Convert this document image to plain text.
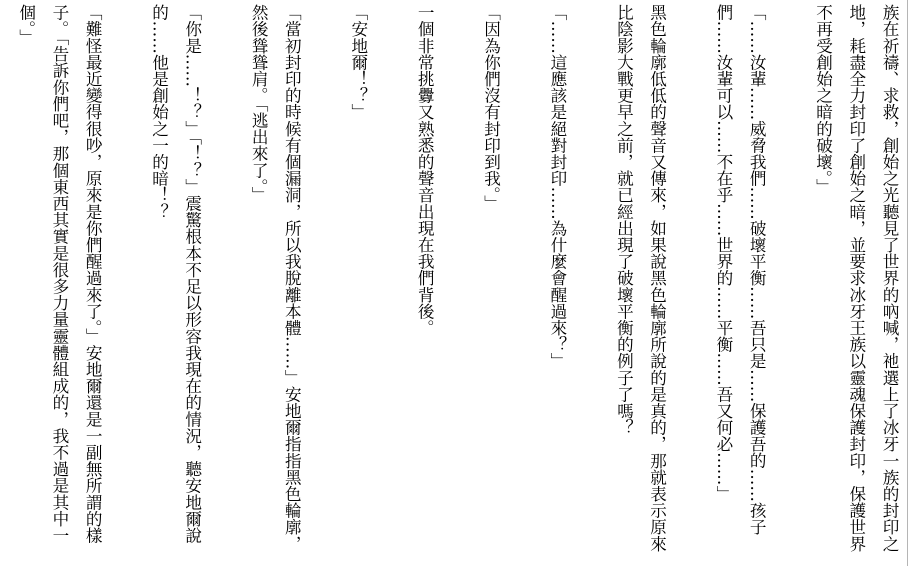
族在祈禱、求救，創始之光聽見了世界的吶喊，祂選上了冰牙一族的封印之地，耗盡全力封印了創始之暗，並要求冰牙王族以靈魂保護封印，保護世界不再受創始之暗的破壞。」

「……汝輩……威脅我們……破壞平衡……吾只是……保護吾的……孩子們……汝輩可以……不在乎……世界的……平衡……吾又何必……」

黑色輪廓低低的聲音又傳來，如果說黑色輪廓所說的是真的，那就表示原來比陰影大戰更早之前，就已經出現了破壞平衡的例子了嗎？

「……這應該是絕對封印……為什麼會醒過來？」

「因為你們沒有封印到我。」

一個非常挑釁又熟悉的聲音出現在我們背後。

「安地爾！？」

「當初封印的時候有個漏洞，所以我脫離本體……」安地爾指指黑色輪廓，然後聳聳肩。「逃出來了。」

「你是……！？」「！？」震驚根本不足以形容我現在的情況，聽安地爾說的……他是創始之一的暗！？

「難怪最近變得很吵，原來是你們醒過來了。」安地爾還是一副無所謂的樣子。「告訴你們吧，那個東西其實是很多力量靈體組成的，我不過是其中一個。」
